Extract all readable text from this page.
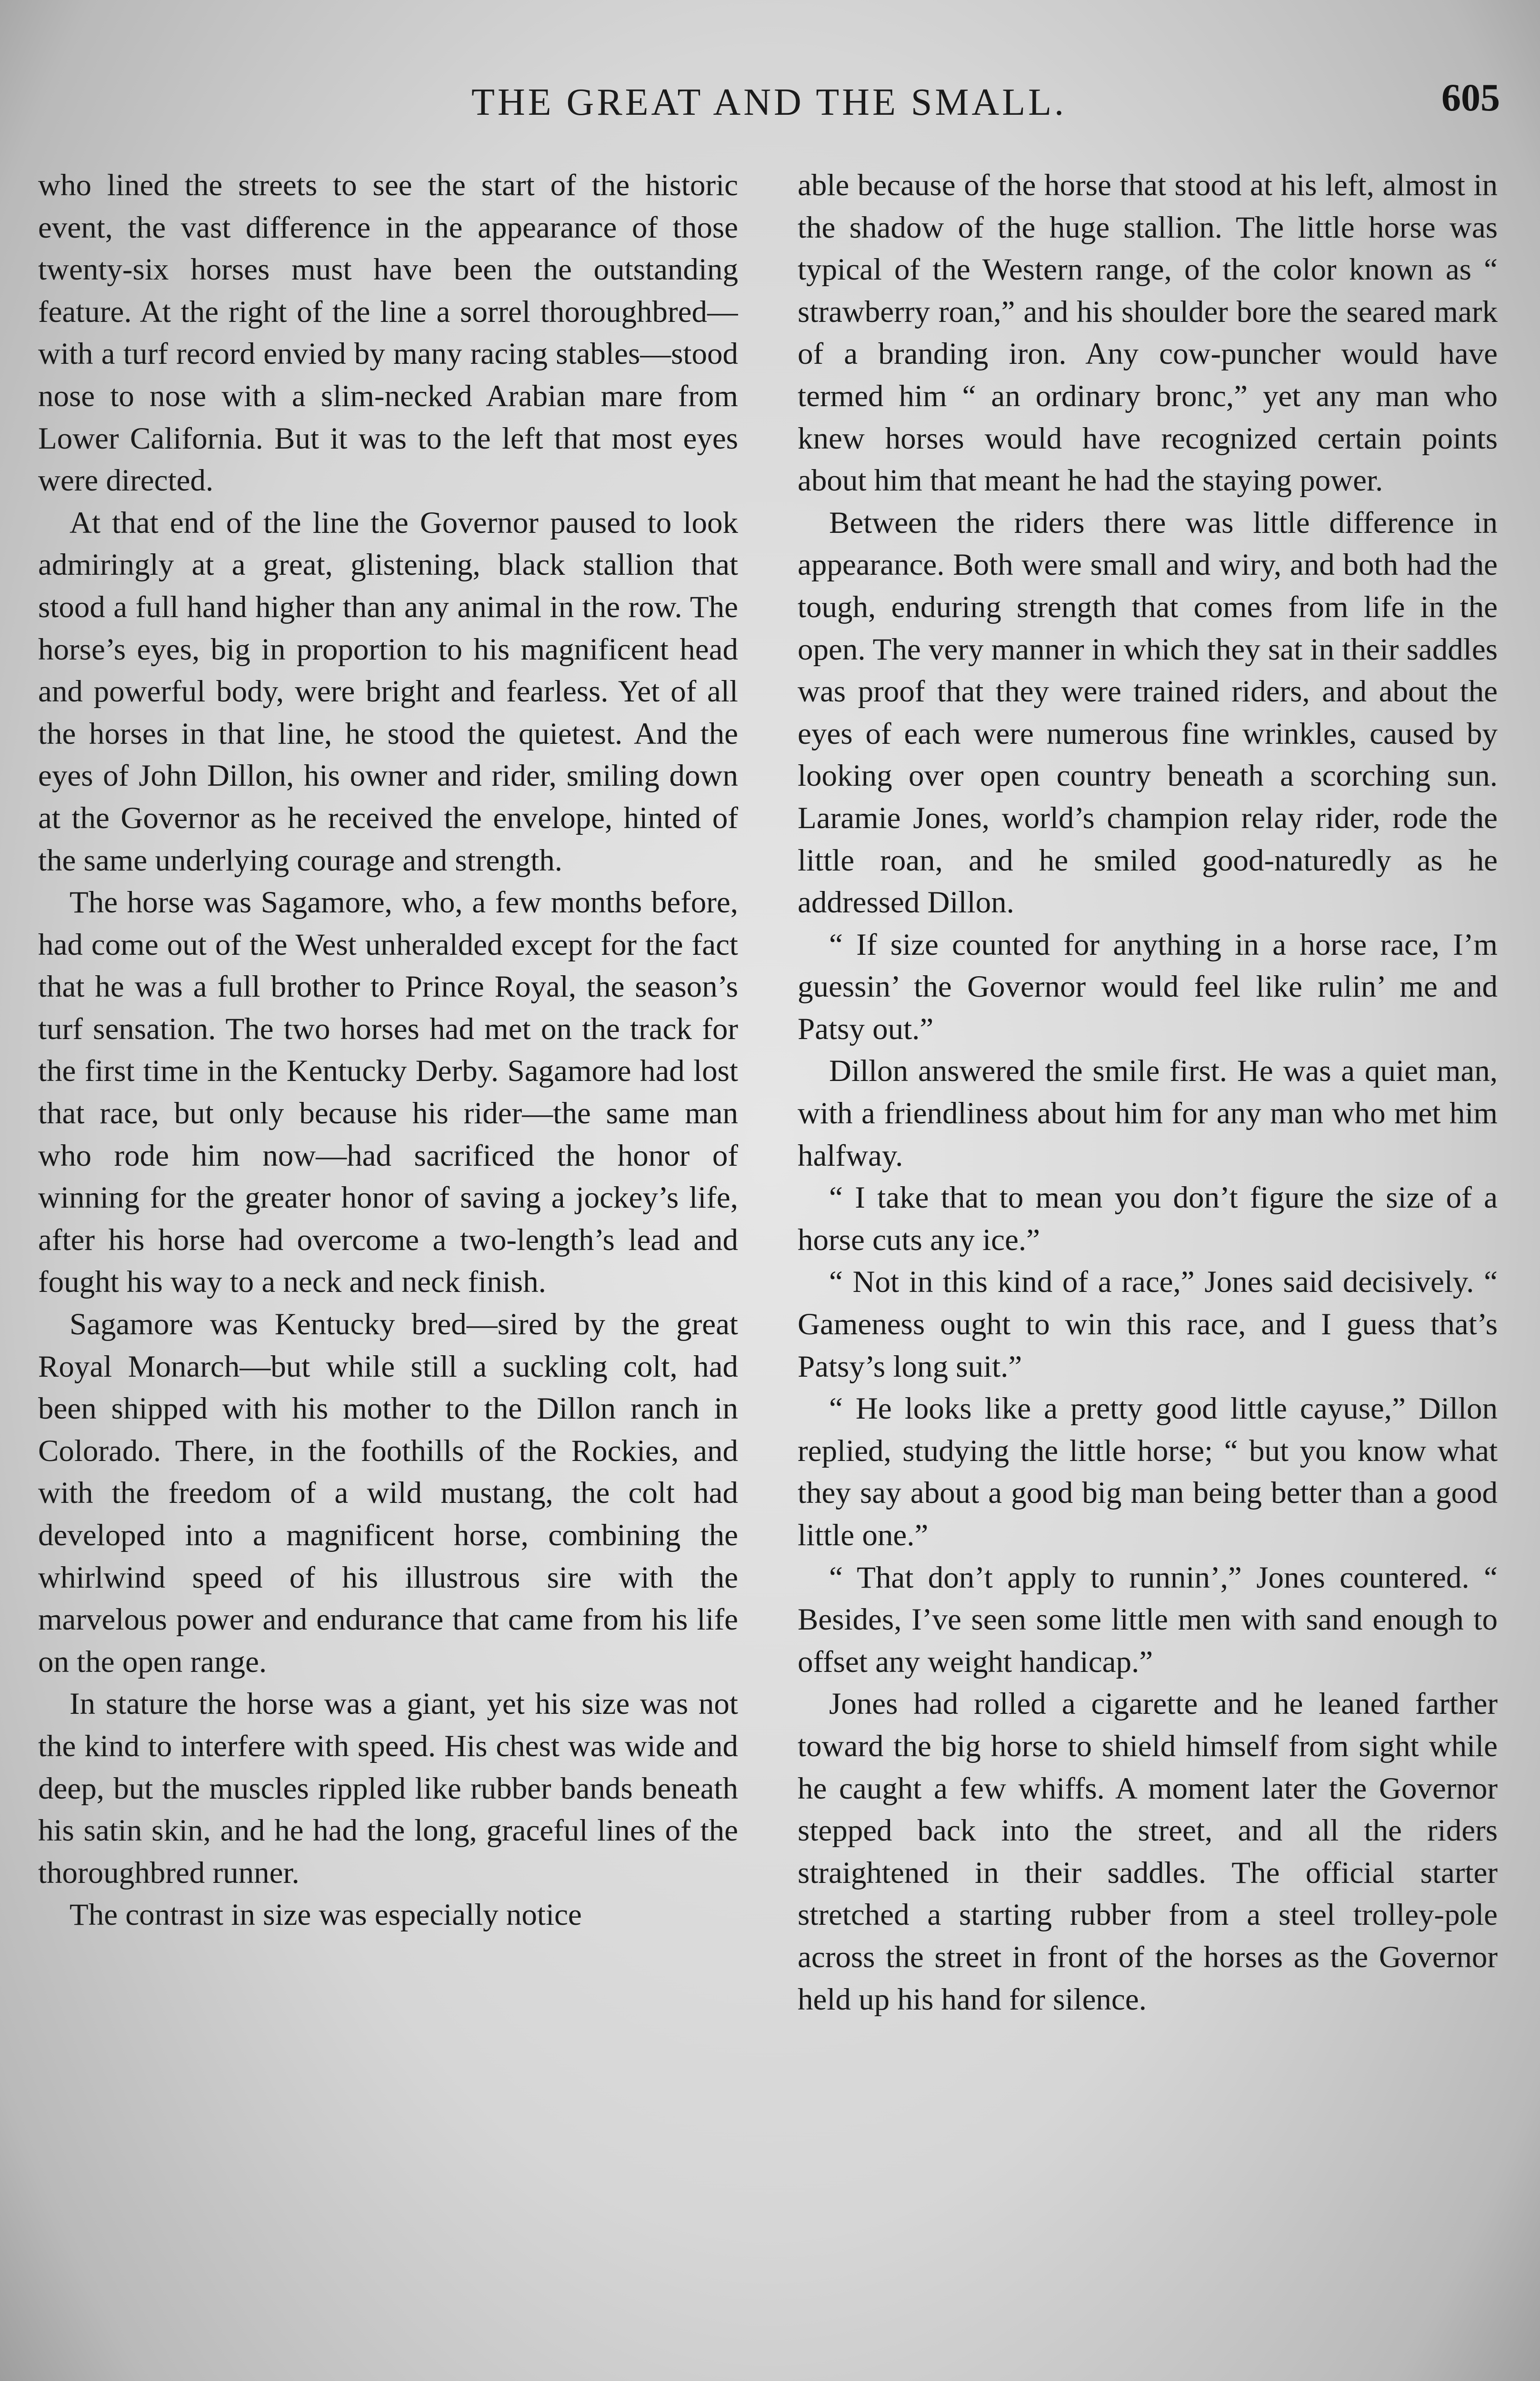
THE GREAT AND THE SMALL.	605

who lined the streets to see the start of the historic event, the vast difference in the appearance of those twenty-six horses must have been the outstanding feature. At the right of the line a sorrel thoroughbred—with a turf record envied by many racing stables—stood nose to nose with a slim-necked Arabian mare from Lower California. But it was to the left that most eyes were directed.

At that end of the line the Governor paused to look admiringly at a great, glistening, black stallion that stood a full hand higher than any animal in the row. The horse’s eyes, big in proportion to his magnificent head and powerful body, were bright and fearless. Yet of all the horses in that line, he stood the quietest. And the eyes of John Dillon, his owner and rider, smiling down at the Governor as he received the envelope, hinted of the same underlying courage and strength.

The horse was Sagamore, who, a few months before, had come out of the West unheralded except for the fact that he was a full brother to Prince Royal, the season’s turf sensation. The two horses had met on the track for the first time in the Kentucky Derby. Sagamore had lost that race, but only because his rider—the same man who rode him now—had sacrificed the honor of winning for the greater honor of saving a jockey’s life, after his horse had overcome a two-length’s lead and fought his way to a neck and neck finish.

Sagamore was Kentucky bred—sired by the great Royal Monarch—but while still a suckling colt, had been shipped with his mother to the Dillon ranch in Colorado. There, in the foothills of the Rockies, and with the freedom of a wild mustang, the colt had developed into a magnificent horse, combining the whirlwind speed of his illustrous sire with the marvelous power and endurance that came from his life on the open range.

In stature the horse was a giant, yet his size was not the kind to interfere with speed. His chest was wide and deep, but the muscles rippled like rubber bands beneath his satin skin, and he had the long, graceful lines of the thoroughbred runner.

The contrast in size was especially notice

able because of the horse that stood at his left, almost in the shadow of the huge stallion. The little horse was typical of the Western range, of the color known as “ strawberry roan,” and his shoulder bore the seared mark of a branding iron. Any cow-puncher would have termed him “ an ordinary bronc,” yet any man who knew horses would have recognized certain points about him that meant he had the staying power.

Between the riders there was little difference in appearance. Both were small and wiry, and both had the tough, enduring strength that comes from life in the open. The very manner in which they sat in their saddles was proof that they were trained riders, and about the eyes of each were numerous fine wrinkles, caused by looking over open country beneath a scorching sun. Laramie Jones, world’s champion relay rider, rode the little roan, and he smiled good-naturedly as he addressed Dillon.

“ If size counted for anything in a horse race, I’m guessin’ the Governor would feel like rulin’ me and Patsy out.”

Dillon answered the smile first. He was a quiet man, with a friendliness about him for any man who met him halfway.

“ I take that to mean you don’t figure the size of a horse cuts any ice.”

“ Not in this kind of a race,” Jones said decisively. “ Gameness ought to win this race, and I guess that’s Patsy’s long suit.”

“ He looks like a pretty good little cayuse,” Dillon replied, studying the little horse; “ but you know what they say about a good big man being better than a good little one.”

“ That don’t apply to runnin’,” Jones countered. “ Besides, I’ve seen some little men with sand enough to offset any weight handicap.”

Jones had rolled a cigarette and he leaned farther toward the big horse to shield himself from sight while he caught a few whiffs. A moment later the Governor stepped back into the street, and all the riders straightened in their saddles. The official starter stretched a starting rubber from a steel trolley-pole across the street in front of the horses as the Governor held up his hand for silence.
